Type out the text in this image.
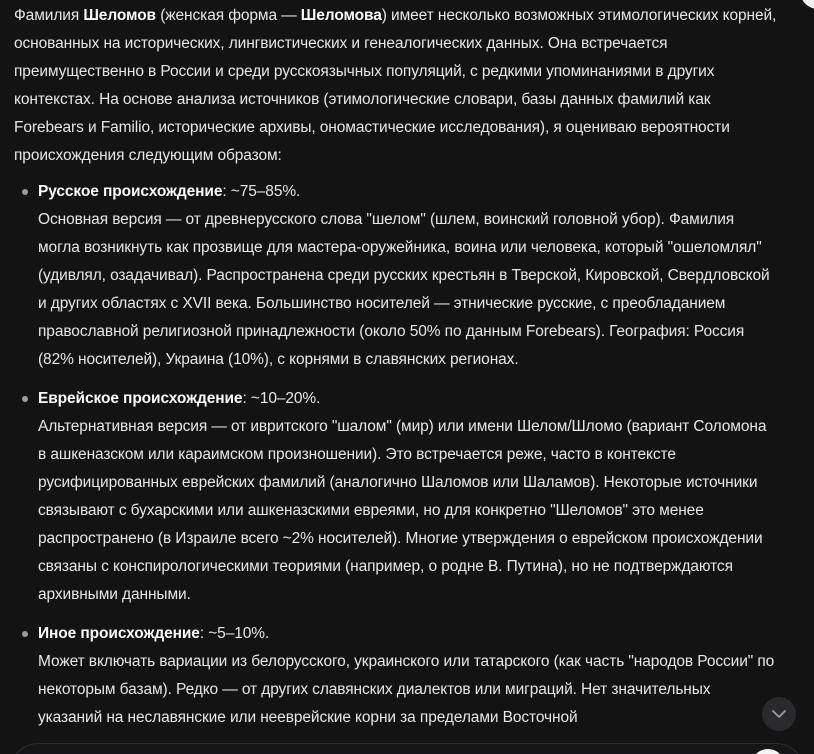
Фамилия Шеломов (женская форма — Шеломова) имеет несколько возможных этимологических корней, основанных на исторических, лингвистических и генеалогических данных. Она встречается преимущественно в России и среди русскоязычных популяций, с редкими упоминаниями в других контекстах. На основе анализа источников (этимологические словари, базы данных фамилий как Forebears и Familio, исторические архивы, ономастические исследования), я оцениваю вероятности происхождения следующим образом:

Русское происхождение: ~75–85%.
Основная версия — от древнерусского слова "шелом" (шлем, воинский головной убор). Фамилия могла возникнуть как прозвище для мастера-оружейника, воина или человека, который "ошеломлял" (удивлял, озадачивал). Распространена среди русских крестьян в Тверской, Кировской, Свердловской и других областях с XVII века. Большинство носителей — этнические русские, с преобладанием православной религиозной принадлежности (около 50% по данным Forebears). География: Россия (82% носителей), Украина (10%), с корнями в славянских регионах.
Еврейское происхождение: ~10–20%.
Альтернативная версия — от ивритского "шалом" (мир) или имени Шелом/Шломо (вариант Соломона в ашкеназском или караимском произношении). Это встречается реже, часто в контексте русифицированных еврейских фамилий (аналогично Шаломов или Шаламов). Некоторые источники связывают с бухарскими или ашкеназскими евреями, но для конкретно "Шеломов" это менее распространено (в Израиле всего ~2% носителей). Многие утверждения о еврейском происхождении связаны с конспирологическими теориями (например, о родне В. Путина), но не подтверждаются архивными данными.
Иное происхождение: ~5–10%.
Может включать вариации из белорусского, украинского или татарского (как часть "народов России" по некоторым базам). Редко — от других славянских диалектов или миграций. Нет значительных указаний на неславянские или нееврейские корни за пределами Восточной
